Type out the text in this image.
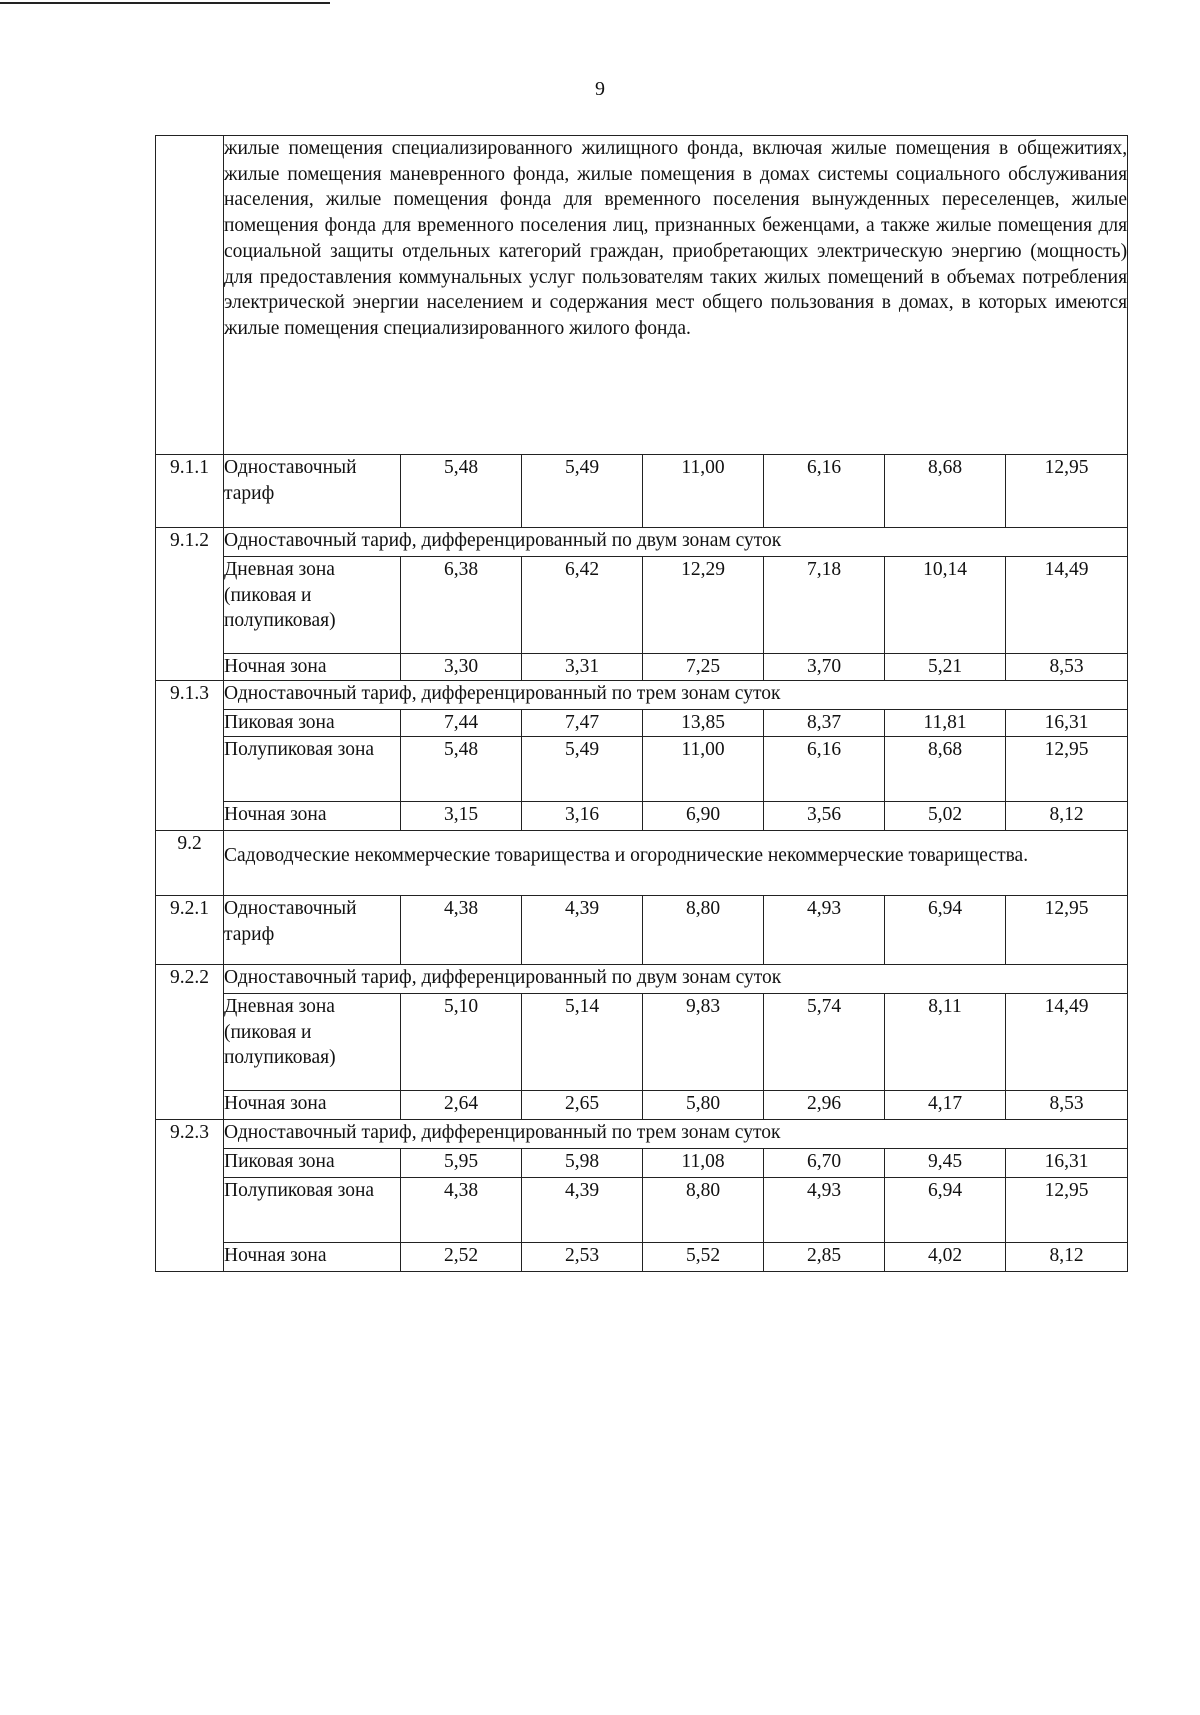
9
	жилые помещения специализированного жилищного фонда, включая жилые помещения в общежитиях, жилые помещения маневренного фонда, жилые помещения в домах системы социального обслуживания населения, жилые помещения фонда для временного поселения вынужденных переселенцев, жилые помещения фонда для временного поселения лиц, признанных беженцами, а также жилые помещения для социальной защиты отдельных категорий граждан, приобретающих электрическую энергию (мощность) для предоставления коммунальных услуг пользователям таких жилых помещений в объемах потребления электрической энергии населением и содержания мест общего пользования в домах, в которых имеются жилые помещения специализированного жилого фонда.						
9.1.1	Одноставочный тариф	5,48	5,49	11,00	6,16	8,68	12,95
9.1.2	Одноставочный тариф, дифференцированный по двум зонам суток						
	Дневная зона (пиковая и полупиковая)	6,38	6,42	12,29	7,18	10,14	14,49
	Ночная зона	3,30	3,31	7,25	3,70	5,21	8,53
9.1.3	Одноставочный тариф, дифференцированный по трем зонам суток						
	Пиковая зона	7,44	7,47	13,85	8,37	11,81	16,31
	Полупиковая зона	5,48	5,49	11,00	6,16	8,68	12,95
	Ночная зона	3,15	3,16	6,90	3,56	5,02	8,12
9.2	Садоводческие некоммерческие товарищества и огороднические некоммерческие товарищества.						
9.2.1	Одноставочный тариф	4,38	4,39	8,80	4,93	6,94	12,95
9.2.2	Одноставочный тариф, дифференцированный по двум зонам суток						
	Дневная зона (пиковая и полупиковая)	5,10	5,14	9,83	5,74	8,11	14,49
	Ночная зона	2,64	2,65	5,80	2,96	4,17	8,53
9.2.3	Одноставочный тариф, дифференцированный по трем зонам суток						
	Пиковая зона	5,95	5,98	11,08	6,70	9,45	16,31
	Полупиковая зона	4,38	4,39	8,80	4,93	6,94	12,95
	Ночная зона	2,52	2,53	5,52	2,85	4,02	8,12
